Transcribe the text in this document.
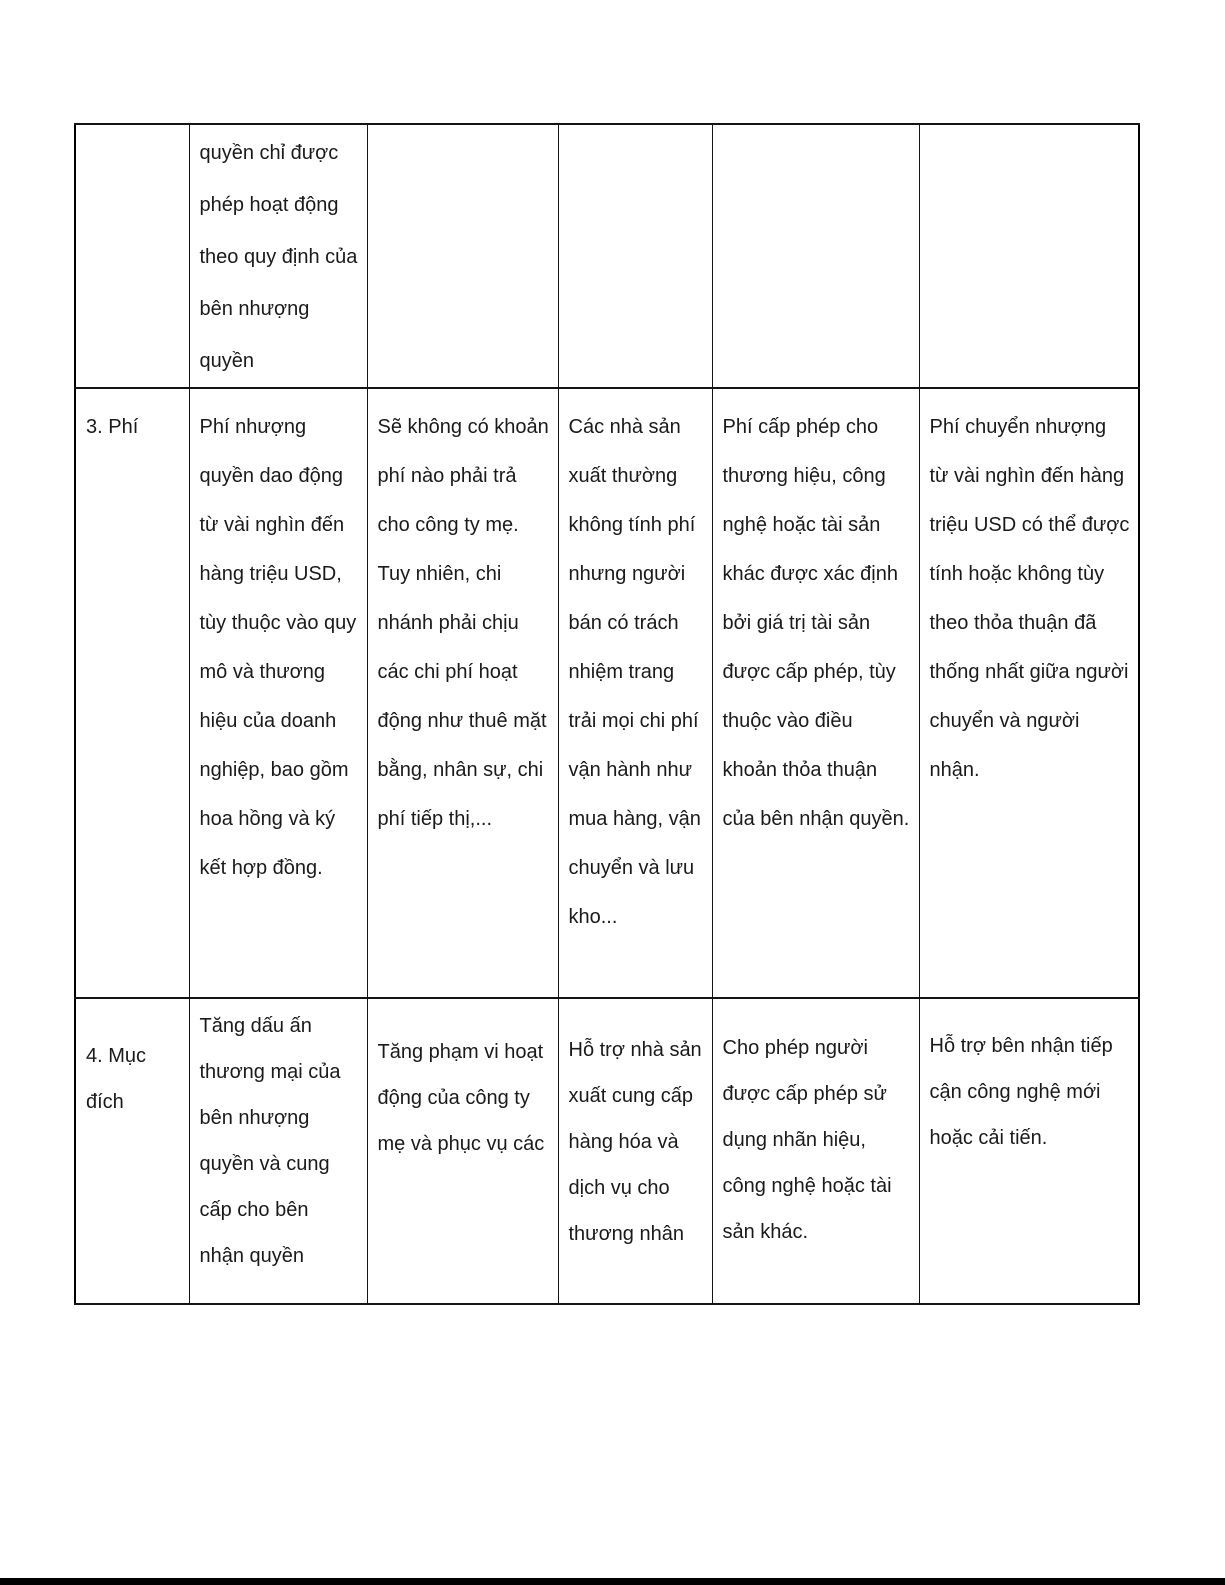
	quyền chỉ được phép hoạt động theo quy định của bên nhượng quyền				
3. Phí	Phí nhượng quyền dao động từ vài nghìn đến hàng triệu USD, tùy thuộc vào quy mô và thương hiệu của doanh nghiệp, bao gồm hoa hồng và ký kết hợp đồng.	Sẽ không có khoản phí nào phải trả cho công ty mẹ. Tuy nhiên, chi nhánh phải chịu các chi phí hoạt động như thuê mặt bằng, nhân sự, chi phí tiếp thị,...	Các nhà sản xuất thường không tính phí nhưng người bán có trách nhiệm trang trải mọi chi phí vận hành như mua hàng, vận chuyển và lưu kho...	Phí cấp phép cho thương hiệu, công nghệ hoặc tài sản khác được xác định bởi giá trị tài sản được cấp phép, tùy thuộc vào điều khoản thỏa thuận của bên nhận quyền.	Phí chuyển nhượng từ vài nghìn đến hàng triệu USD có thể được tính hoặc không tùy theo thỏa thuận đã thống nhất giữa người chuyển và người nhận.
4. Mục đích	Tăng dấu ấn thương mại của bên nhượng quyền và cung cấp cho bên nhận quyền	Tăng phạm vi hoạt động của công ty mẹ và phục vụ các	Hỗ trợ nhà sản xuất cung cấp hàng hóa và dịch vụ cho thương nhân	Cho phép người được cấp phép sử dụng nhãn hiệu, công nghệ hoặc tài sản khác.	Hỗ trợ bên nhận tiếp cận công nghệ mới hoặc cải tiến.
